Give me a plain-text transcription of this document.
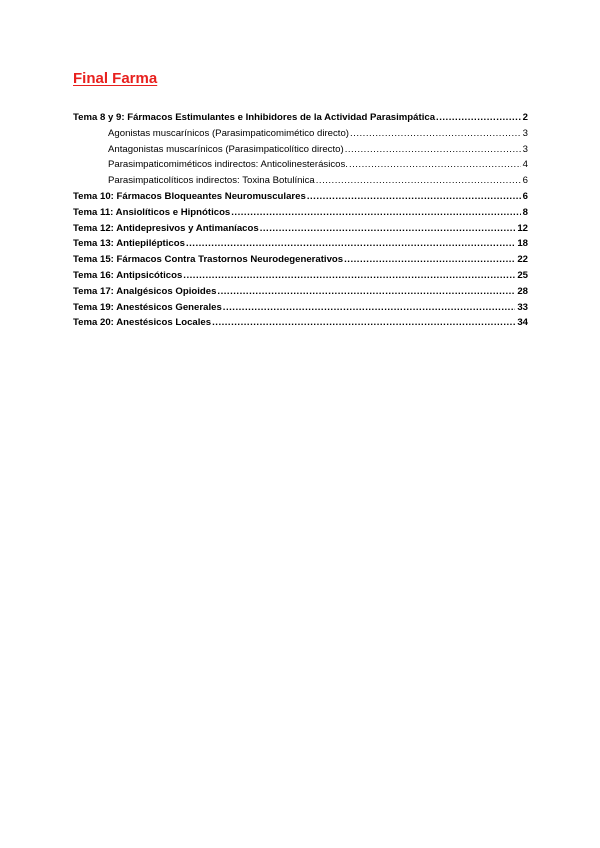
Final Farma
Tema 8 y 9: Fármacos Estimulantes e Inhibidores de la Actividad Parasimpática .....	2
Agonistas muscarínicos (Parasimpaticomimético directo) .....	3
Antagonistas muscarínicos (Parasimpaticolítico directo) .....	3
Parasimpaticomiméticos indirectos: Anticolinesterásicos. .....	4
Parasimpaticolíticos indirectos: Toxina Botulínica .....	6
Tema 10: Fármacos Bloqueantes Neuromusculares .....	6
Tema 11: Ansiolíticos e Hipnóticos .....	8
Tema 12: Antidepresivos y Antimaníacos .....	12
Tema 13: Antiepilépticos .....	18
Tema 15: Fármacos Contra Trastornos Neurodegenerativos .....	22
Tema 16: Antipsicóticos .....	25
Tema 17: Analgésicos Opioides .....	28
Tema 19: Anestésicos Generales .....	33
Tema 20: Anestésicos Locales .....	34
